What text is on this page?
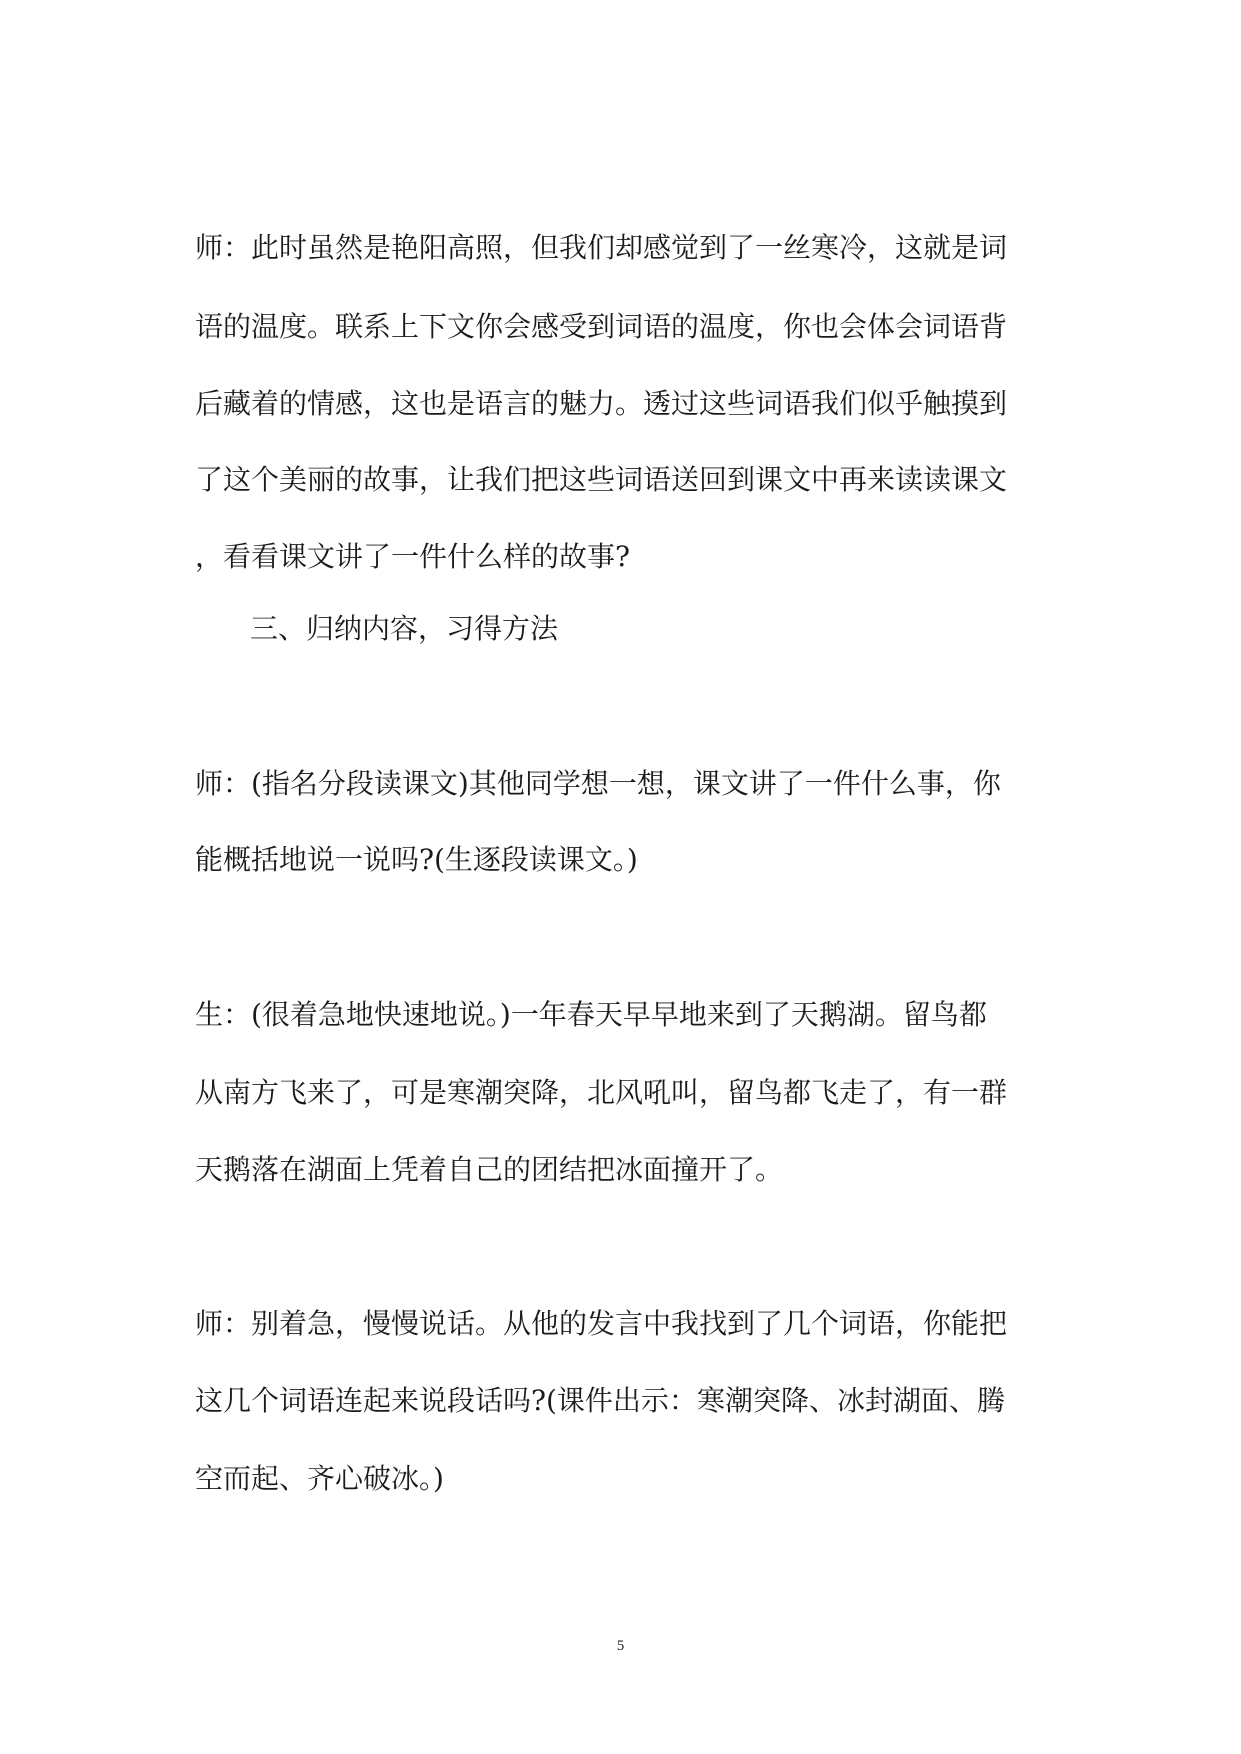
师：此时虽然是艳阳高照，但我们却感觉到了一丝寒冷，这就是词
语的温度。联系上下文你会感受到词语的温度，你也会体会词语背
后藏着的情感，这也是语言的魅力。透过这些词语我们似乎触摸到
了这个美丽的故事，让我们把这些词语送回到课文中再来读读课文
，看看课文讲了一件什么样的故事?
三、归纳内容，习得方法
师：(指名分段读课文)其他同学想一想，课文讲了一件什么事，你
能概括地说一说吗?(生逐段读课文。)
生：(很着急地快速地说。)一年春天早早地来到了天鹅湖。留鸟都
从南方飞来了，可是寒潮突降，北风吼叫，留鸟都飞走了，有一群
天鹅落在湖面上凭着自己的团结把冰面撞开了。
师：别着急，慢慢说话。从他的发言中我找到了几个词语，你能把
这几个词语连起来说段话吗?(课件出示：寒潮突降、冰封湖面、腾
空而起、齐心破冰。)
5
